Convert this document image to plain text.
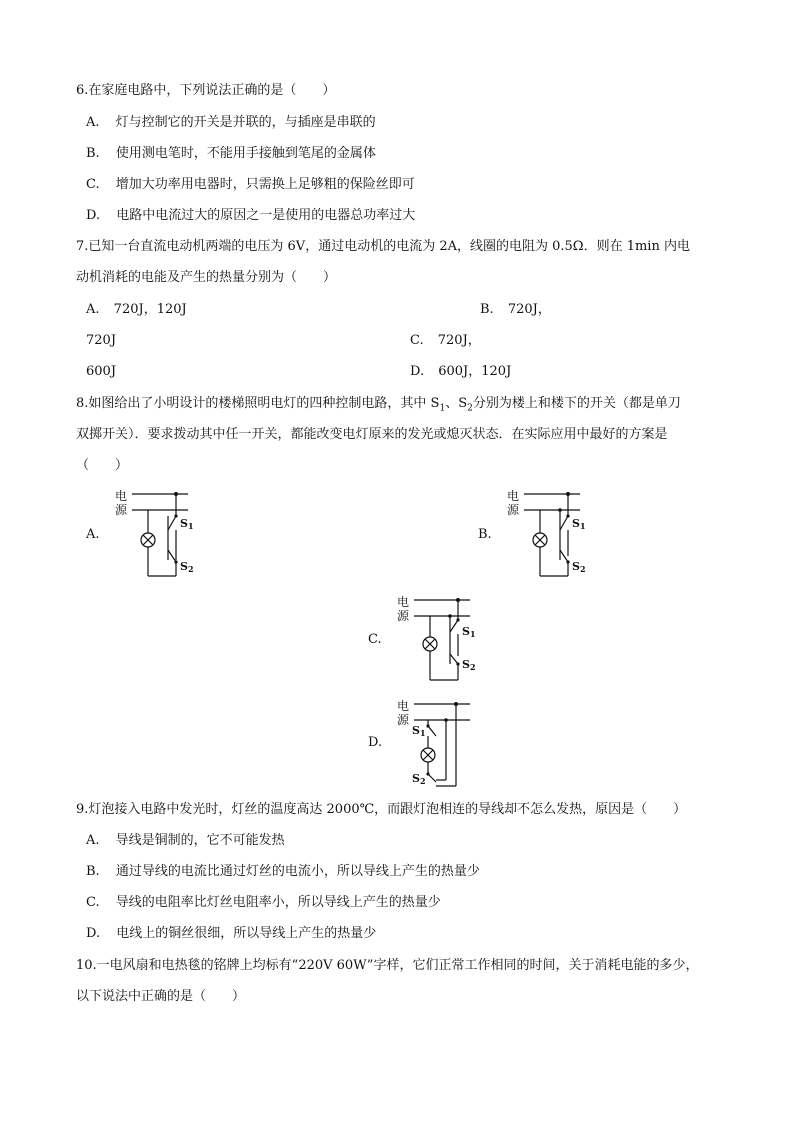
6.在家庭电路中，下列说法正确的是（　　）
A. 灯与控制它的开关是并联的，与插座是串联的
B. 使用测电笔时，不能用手接触到笔尾的金属体
C. 增加大功率用电器时，只需换上足够粗的保险丝即可
D. 电路中电流过大的原因之一是使用的电器总功率过大
7.已知一台直流电动机两端的电压为 6V，通过电动机的电流为 2A，线圈的电阻为 0.5Ω．则在 1min 内电
动机消耗的电能及产生的热量分别为（　　）
A. 720J，120J	B. 720J，
720J	C. 720J，
600J	D. 600J，120J
8.如图给出了小明设计的楼梯照明电灯的四种控制电路，其中 $S_1$、$S_2$分别为楼上和楼下的开关（都是单刀
双掷开关）．要求拨动其中任一开关，都能改变电灯原来的发光或熄灭状态．在实际应用中最好的方案是
（　　）
A.	B.
C.
D.
电
源
S1
S2
电
源
S1
S2
电
源
S1
S2
电
源
S1
S2
9.灯泡接入电路中发光时，灯丝的温度高达 2000℃，而跟灯泡相连的导线却不怎么发热，原因是（　　）
A. 导线是铜制的，它不可能发热
B. 通过导线的电流比通过灯丝的电流小，所以导线上产生的热量少
C. 导线的电阻率比灯丝电阻率小，所以导线上产生的热量少
D. 电线上的铜丝很细，所以导线上产生的热量少
10.一电风扇和电热毯的铭牌上均标有“220V 60W”字样，它们正常工作相同的时间，关于消耗电能的多少，
以下说法中正确的是（　　）
